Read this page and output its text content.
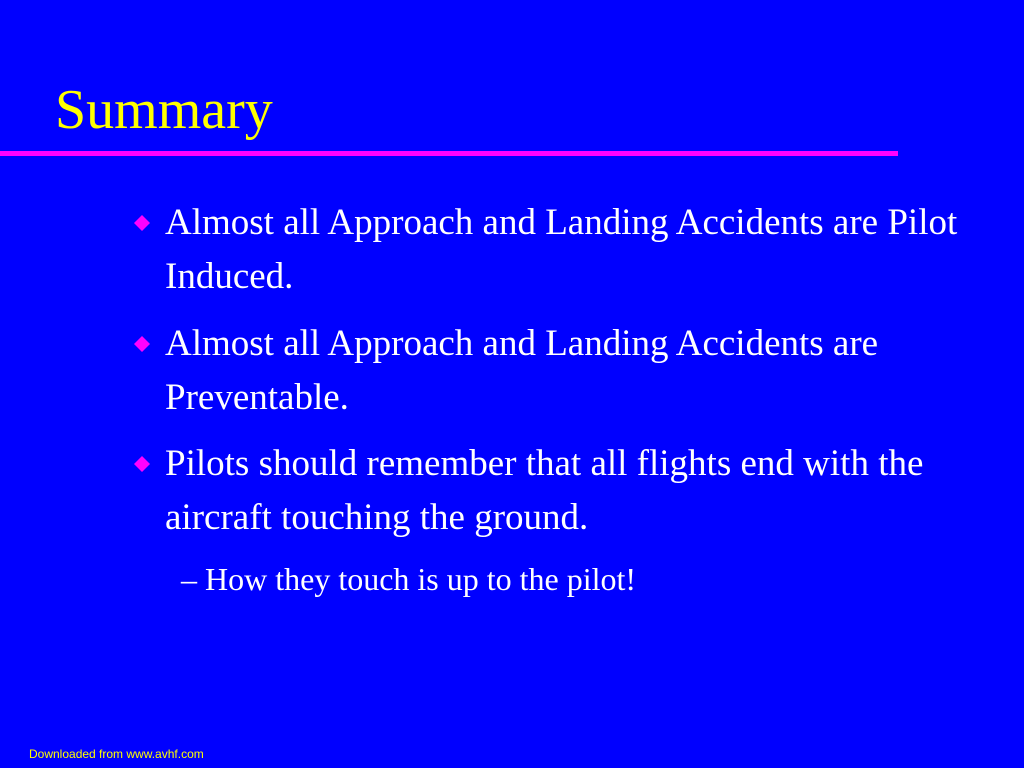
Summary
Almost all Approach and Landing Accidents are Pilot Induced.
Almost all Approach and Landing Accidents are Preventable.
Pilots should remember that all flights end with the aircraft touching the ground.
– How they touch is up to the pilot!
Downloaded from www.avhf.com
